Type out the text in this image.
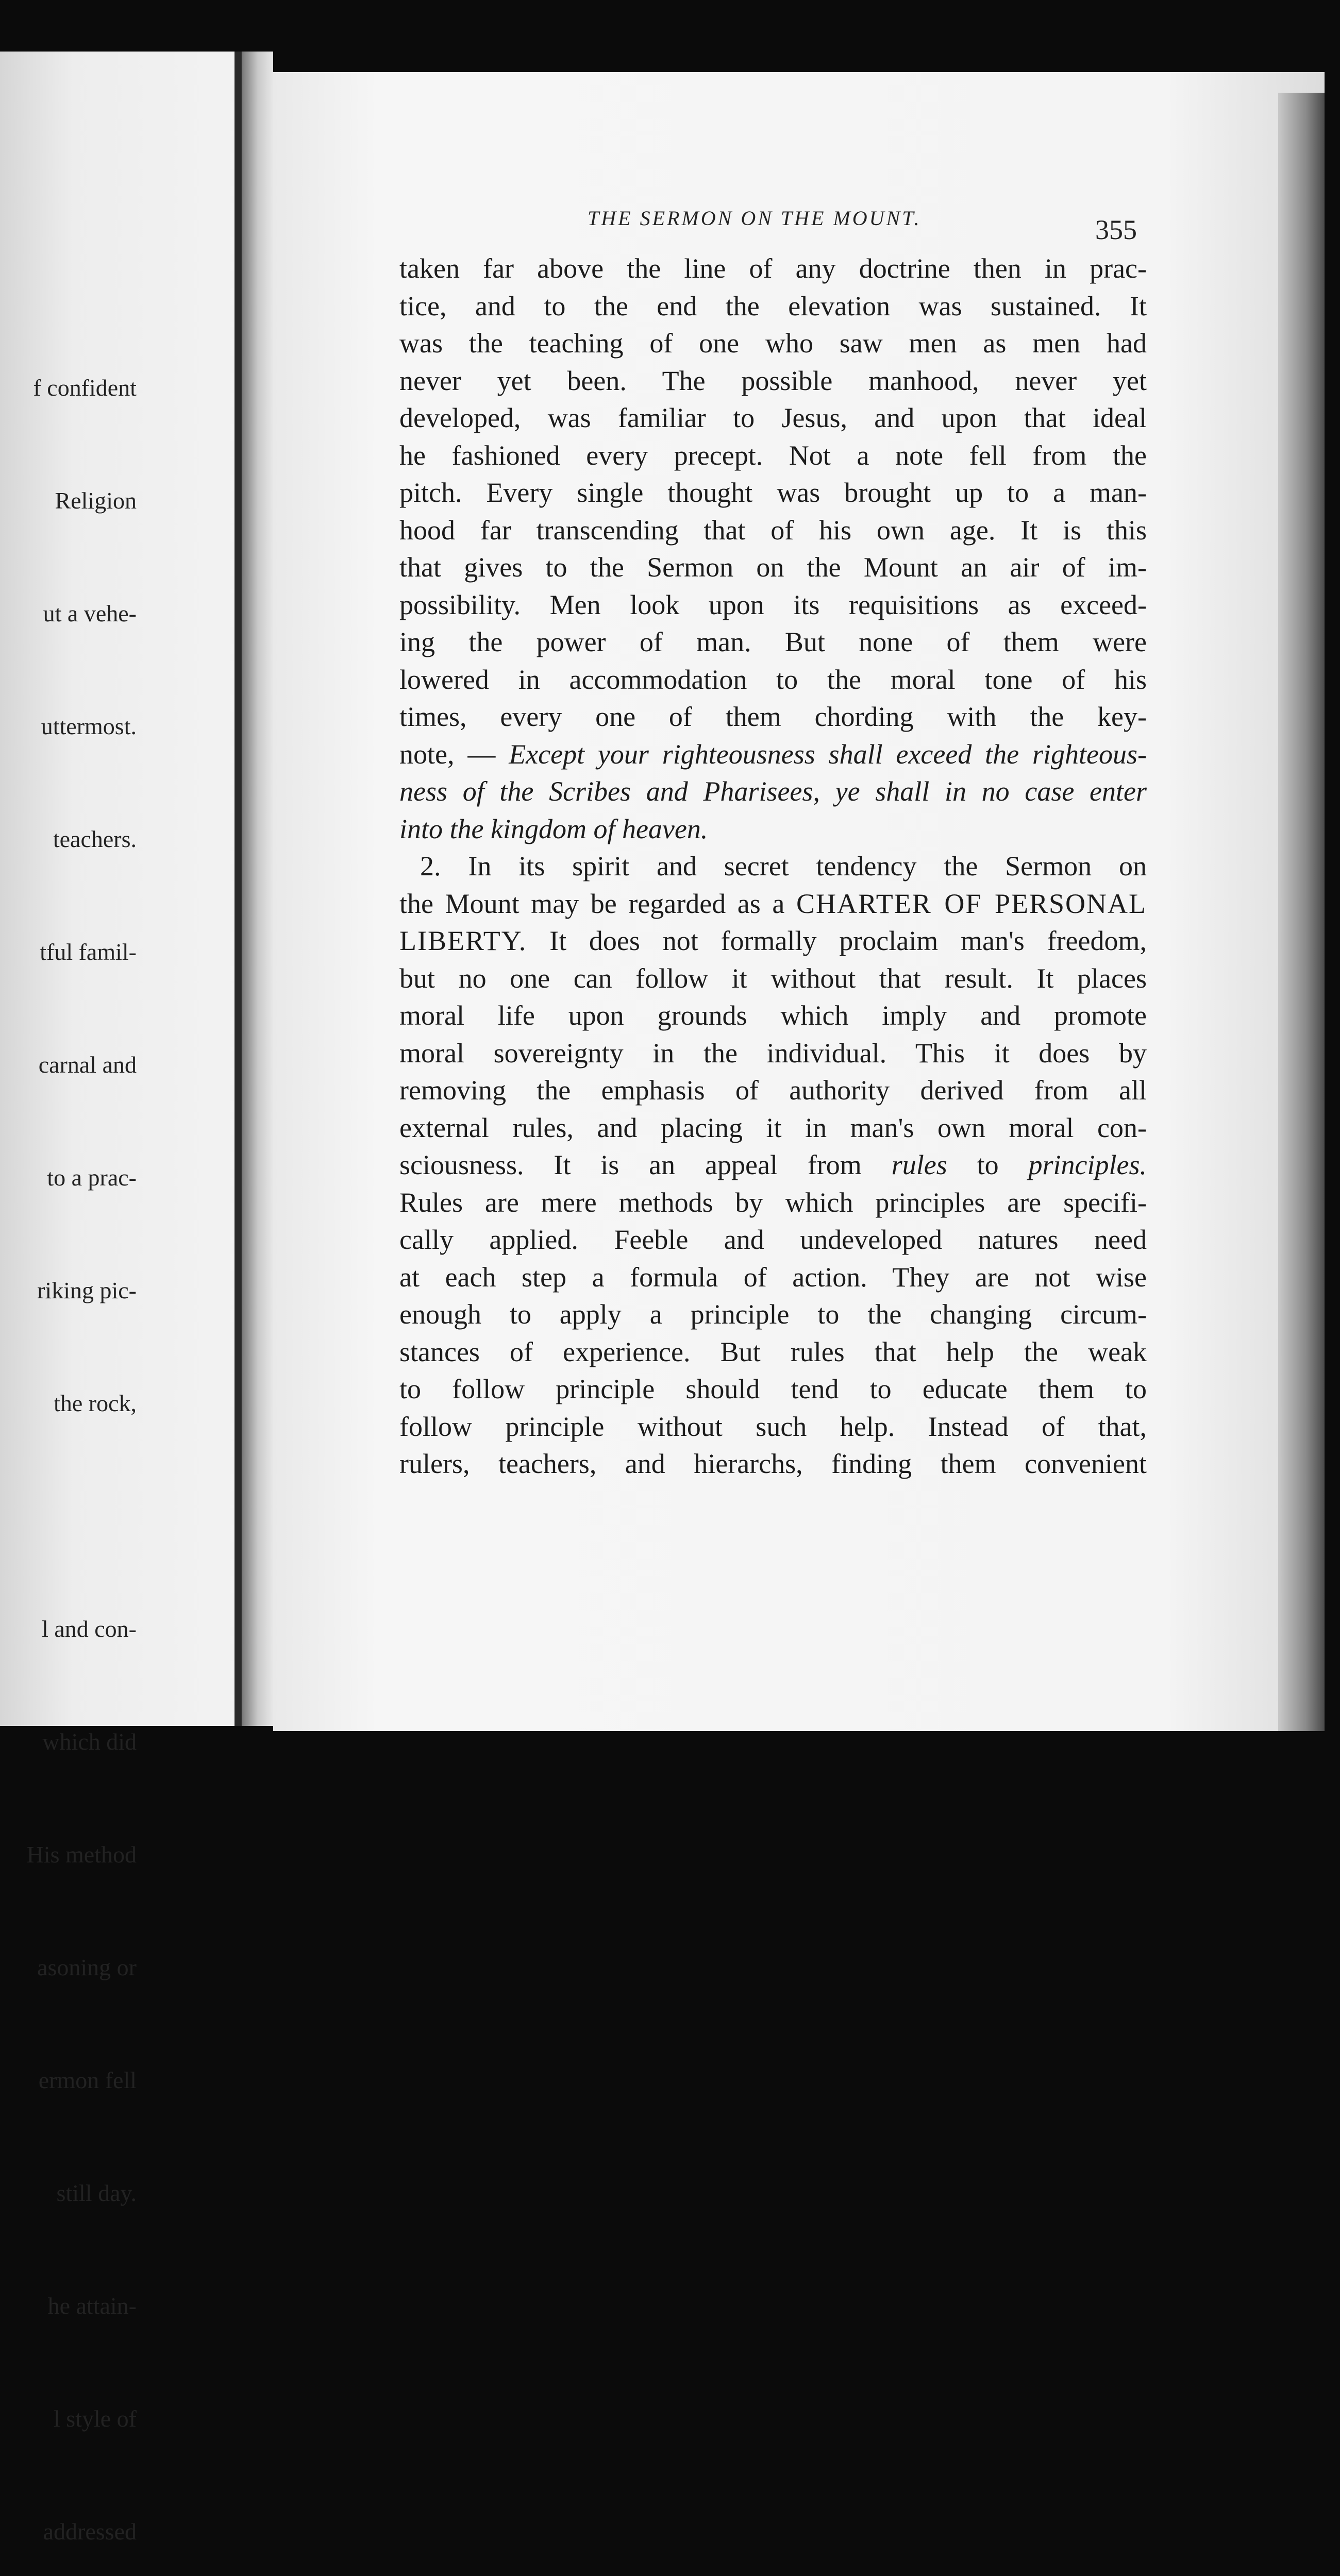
f confident

Religion

ut a vehe-

uttermost.

teachers.

tful famil-

carnal and

to a prac-

riking pic-

the rock,

l and con-

which did

His method

asoning or

ermon fell

still day.

he attain-

l style of

addressed

THE SERMON ON THE MOUNT.	355
taken far above the line of any doctrine then in prac-
tice, and to the end the elevation was sustained. It
was the teaching of one who saw men as men had
never yet been. The possible manhood, never yet
developed, was familiar to Jesus, and upon that ideal
he fashioned every precept. Not a note fell from the
pitch. Every single thought was brought up to a man-
hood far transcending that of his own age. It is this
that gives to the Sermon on the Mount an air of im-
possibility. Men look upon its requisitions as exceed-
ing the power of man. But none of them were
lowered in accommodation to the moral tone of his
times, every one of them chording with the key-
note, — Except your righteousness shall exceed the righteous-
ness of the Scribes and Pharisees, ye shall in no case enter
into the kingdom of heaven.
2. In its spirit and secret tendency the Sermon on
the Mount may be regarded as a CHARTER OF PERSONAL
LIBERTY. It does not formally proclaim man's freedom,
but no one can follow it without that result. It places
moral life upon grounds which imply and promote
moral sovereignty in the individual. This it does by
removing the emphasis of authority derived from all
external rules, and placing it in man's own moral con-
sciousness. It is an appeal from rules to principles.
Rules are mere methods by which principles are specifi-
cally applied. Feeble and undeveloped natures need
at each step a formula of action. They are not wise
enough to apply a principle to the changing circum-
stances of experience. But rules that help the weak
to follow principle should tend to educate them to
follow principle without such help. Instead of that,
rulers, teachers, and hierarchs, finding them convenient
